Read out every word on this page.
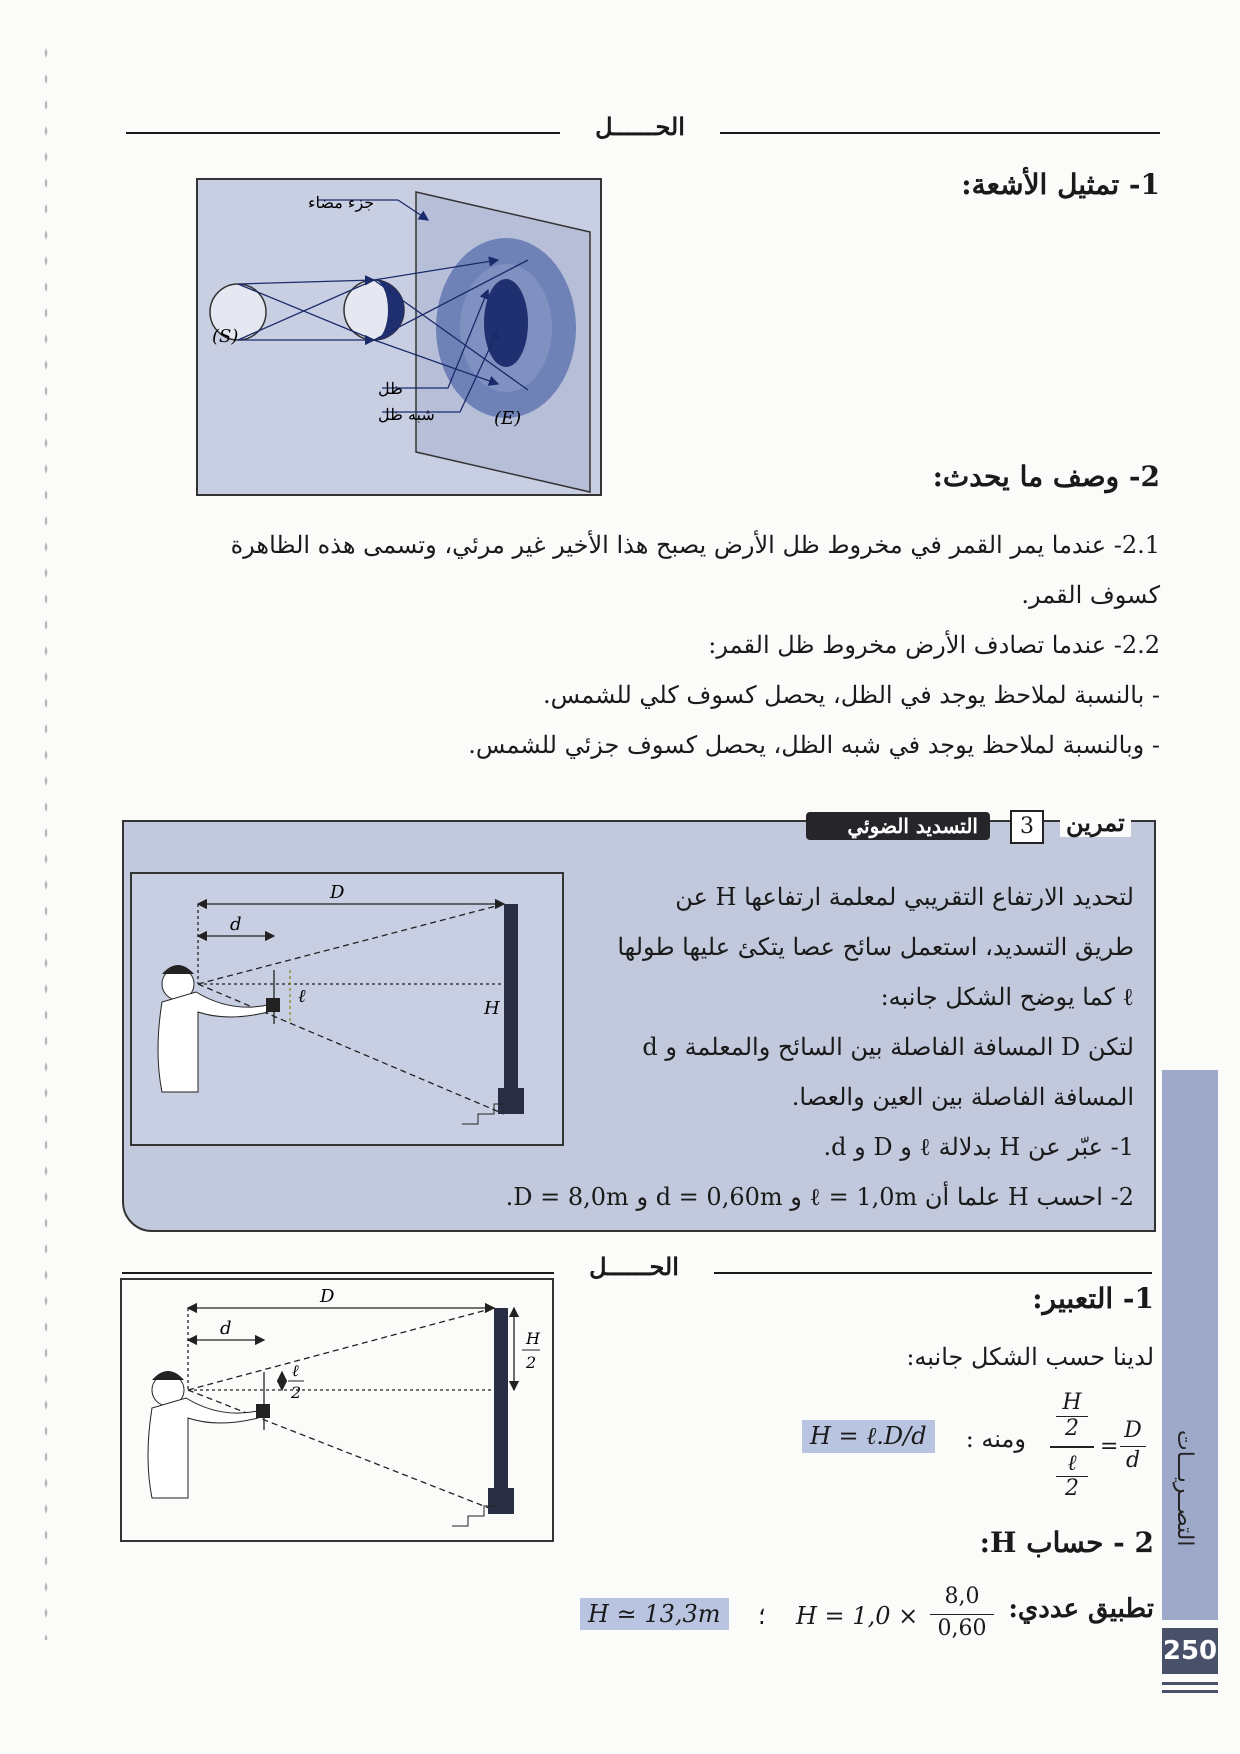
الحــــــل
1- تمثيل الأشعة:
جزء مضاء
(S)
(E)
ظل
شبه ظل
2- وصف ما يحدث:
2.1- عندما يمر القمر في مخروط ظل الأرض يصبح هذا الأخير غير مرئي، وتسمى هذه الظاهرة
كسوف القمر.
2.2- عندما تصادف الأرض مخروط ظل القمر:
- بالنسبة لملاحظ يوجد في الظل، يحصل كسوف كلي للشمس.
- وبالنسبة لملاحظ يوجد في شبه الظل، يحصل كسوف جزئي للشمس.
تمرين
3
التسديد الضوئي
لتحديد الارتفاع التقريبي لمعلمة ارتفاعها H عن
طريق التسديد، استعمل سائح عصا يتكئ عليها طولها
ℓ كما يوضح الشكل جانبه:
لتكن D المسافة الفاصلة بين السائح والمعلمة و d
المسافة الفاصلة بين العين والعصا.
1- عبّر عن H بدلالة ℓ و D و d.
2- احسب H علما أن ℓ = 1,0m و d = 0,60m و D = 8,0m.
D
d
ℓ
H
الحــــــل
D
d
ℓ
2
H
2
1- التعبير:
لدينا حسب الشكل جانبه:
H
2
ℓ
2
=
D
d
ومنه :
H = ℓ.D/d
2 - حساب H:
تطبيق عددي:
H = 1,0 ×
8,0
0,60
؛
H ≃ 13,3m
التصــريـــات
250
